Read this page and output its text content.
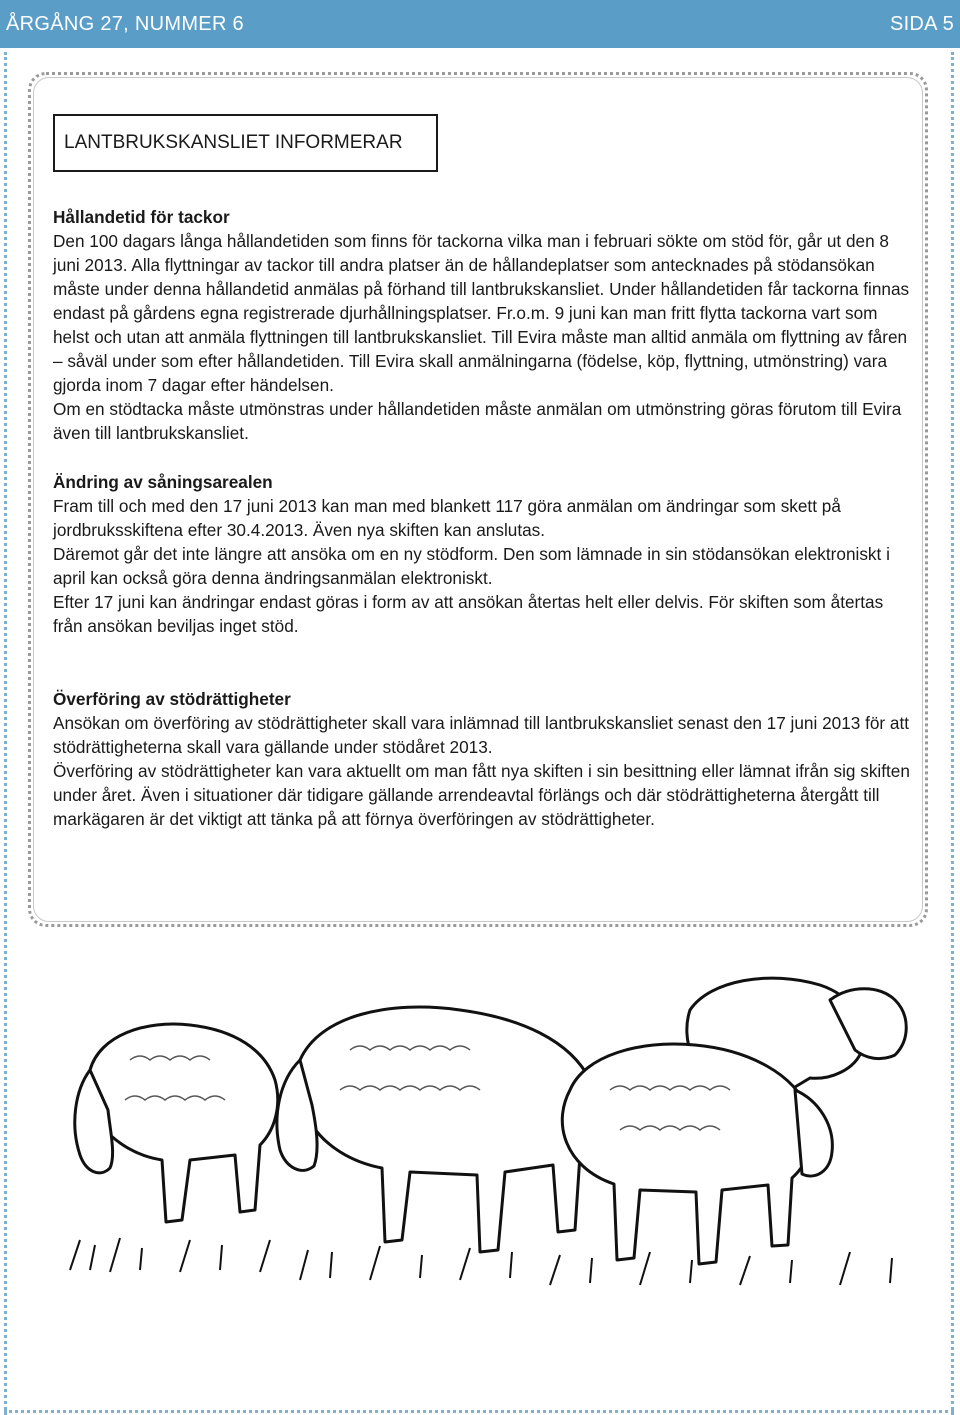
ÅRGÅNG 27, NUMMER 6	SIDA 5
LANTBRUKSKANSLIET INFORMERAR
Hållandetid för tackor

Den 100 dagars långa hållandetiden som finns för tackorna vilka man i februari sökte om stöd för, går ut den 8 juni 2013. Alla flyttningar av tackor till andra platser än de hållandeplatser som antecknades på stödansökan måste under denna hållandetid anmälas på förhand till lantbrukskansliet. Under hållandetiden får tackorna finnas endast på gårdens egna registrerade djurhållningsplatser. Fr.o.m. 9 juni kan man fritt flytta tackorna vart som helst och utan att anmäla flyttningen till lantbrukskansliet. Till Evira måste man alltid anmäla om flyttning av fåren – såväl under som efter hållandetiden. Till Evira skall anmälningarna (födelse, köp, flyttning, utmönstring) vara gjorda inom 7 dagar efter händelsen.

Om en stödtacka måste utmönstras under hållandetiden måste anmälan om utmönstring göras förutom till Evira även till lantbrukskansliet.

Ändring av såningsarealen

Fram till och med den 17 juni 2013 kan man med blankett 117 göra anmälan om ändringar som skett på jordbruksskiftena efter 30.4.2013. Även nya skiften kan anslutas.

Däremot går det inte längre att ansöka om en ny stödform. Den som lämnade in sin stödansökan elektroniskt i april kan också göra denna ändringsanmälan elektroniskt.

Efter 17 juni kan ändringar endast göras i form av att ansökan återtas helt eller delvis. För skiften som återtas från ansökan beviljas inget stöd.

Överföring av stödrättigheter

Ansökan om överföring av stödrättigheter skall vara inlämnad till lantbrukskansliet senast den 17 juni 2013 för att stödrättigheterna skall vara gällande under stödåret 2013.

Överföring av stödrättigheter kan vara aktuellt om man fått nya skiften i sin besittning eller lämnat ifrån sig skiften under året. Även i situationer där tidigare gällande arrendeavtal förlängs och där stödrättigheterna återgått till markägaren är det viktigt att tänka på att förnya överföringen av stödrättigheter.
